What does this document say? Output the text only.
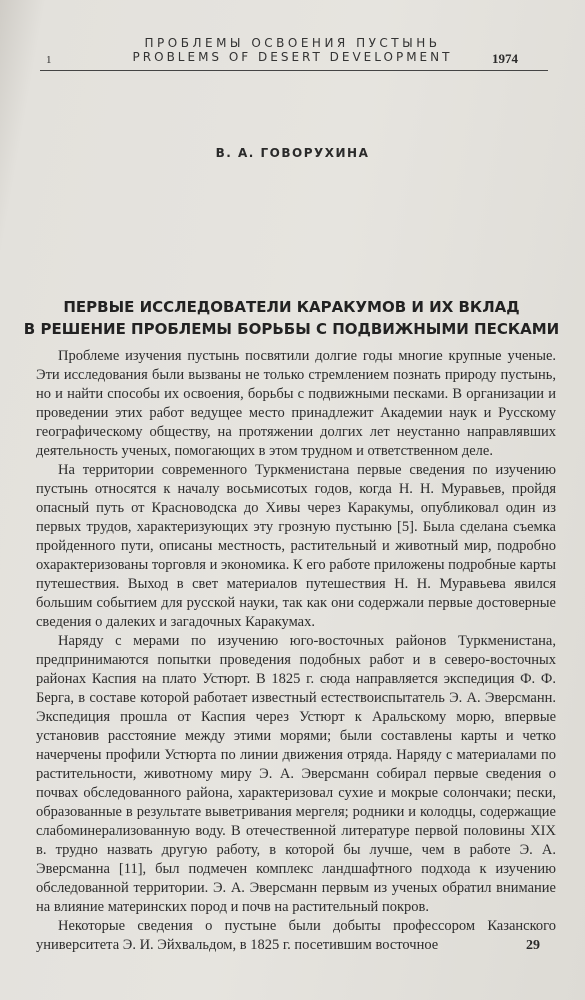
ПРОБЛЕМЫ ОСВОЕНИЯ ПУСТЫНЬ
1	PROBLEMS OF DESERT DEVELOPMENT	1974
В. А. ГОВОРУХИНА
ПЕРВЫЕ ИССЛЕДОВАТЕЛИ КАРАКУМОВ И ИХ ВКЛАД
В РЕШЕНИЕ ПРОБЛЕМЫ БОРЬБЫ С ПОДВИЖНЫМИ ПЕСКАМИ

Проблеме изучения пустынь посвятили долгие годы многие крупные ученые. Эти исследования были вызваны не только стремлением познать природу пустынь, но и найти способы их освоения, борьбы с подвижными песками. В организации и проведении этих работ ведущее место принадлежит Академии наук и Русскому географическому обществу, на протяжении долгих лет неустанно направлявших деятельность ученых, помогающих в этом трудном и ответственном деле.

На территории современного Туркменистана первые сведения по изучению пустынь относятся к началу восьмисотых годов, когда Н. Н. Муравьев, пройдя опасный путь от Красноводска до Хивы через Каракумы, опубликовал один из первых трудов, характеризующих эту грозную пустыню [5]. Была сделана съемка пройденного пути, описаны местность, растительный и животный мир, подробно охарактеризованы торговля и экономика. К его работе приложены подробные карты путешествия. Выход в свет материалов путешествия Н. Н. Муравьева явился большим событием для русской науки, так как они содержали первые достоверные сведения о далеких и загадочных Каракумах.

Наряду с мерами по изучению юго-восточных районов Туркменистана, предпринимаются попытки проведения подобных работ и в северо-восточных районах Каспия на плато Устюрт. В 1825 г. сюда направляется экспедиция Ф. Ф. Берга, в составе которой работает известный естествоиспытатель Э. А. Эверсманн. Экспедиция прошла от Каспия через Устюрт к Аральскому морю, впервые установив расстояние между этими морями; были составлены карты и четко начерчены профили Устюрта по линии движения отряда. Наряду с материалами по растительности, животному миру Э. А. Эверсманн собирал первые сведения о почвах обследованного района, характеризовал сухие и мокрые солончаки; пески, образованные в результате выветривания мергеля; родники и колодцы, содержащие слабоминерализованную воду. В отечественной литературе первой половины XIX в. трудно назвать другую работу, в которой бы лучше, чем в работе Э. А. Эверсманна [11], был подмечен комплекс ландшафтного подхода к изучению обследованной территории. Э. А. Эверсманн первым из ученых обратил внимание на влияние материнских пород и почв на растительный покров.

Некоторые сведения о пустыне были добыты профессором Казанского университета Э. И. Эйхвальдом, в 1825 г. посетившим восточное	29
